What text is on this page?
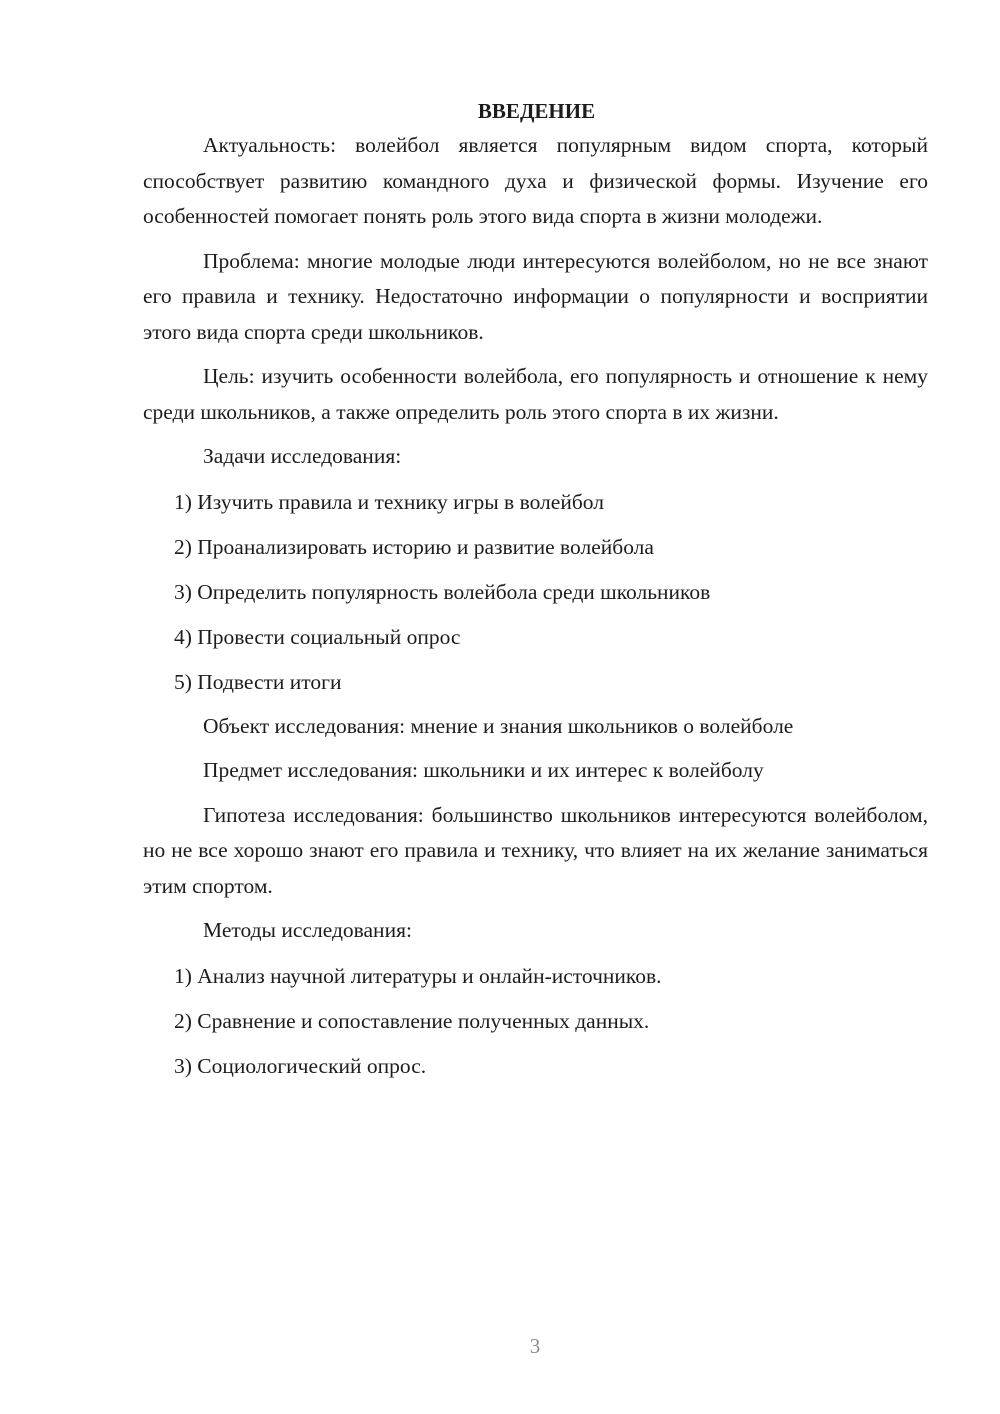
ВВЕДЕНИЕ

Актуальность: волейбол является популярным видом спорта, который способствует развитию командного духа и физической формы. Изучение его особенностей помогает понять роль этого вида спорта в жизни молодежи.

Проблема: многие молодые люди интересуются волейболом, но не все знают его правила и технику. Недостаточно информации о популярности и восприятии этого вида спорта среди школьников.

Цель: изучить особенности волейбола, его популярность и отношение к нему среди школьников, а также определить роль этого спорта в их жизни.

Задачи исследования:

1) Изучить правила и технику игры в волейбол
2) Проанализировать историю и развитие волейбола
3) Определить популярность волейбола среди школьников
4) Провести социальный опрос
5) Подвести итоги

Объект исследования: мнение и знания школьников о волейболе

Предмет исследования: школьники и их интерес к волейболу

Гипотеза исследования: большинство школьников интересуются волейболом, но не все хорошо знают его правила и технику, что влияет на их желание заниматься этим спортом.

Методы исследования:

1) Анализ научной литературы и онлайн-источников.
2) Сравнение и сопоставление полученных данных.
3) Социологический опрос.
3
